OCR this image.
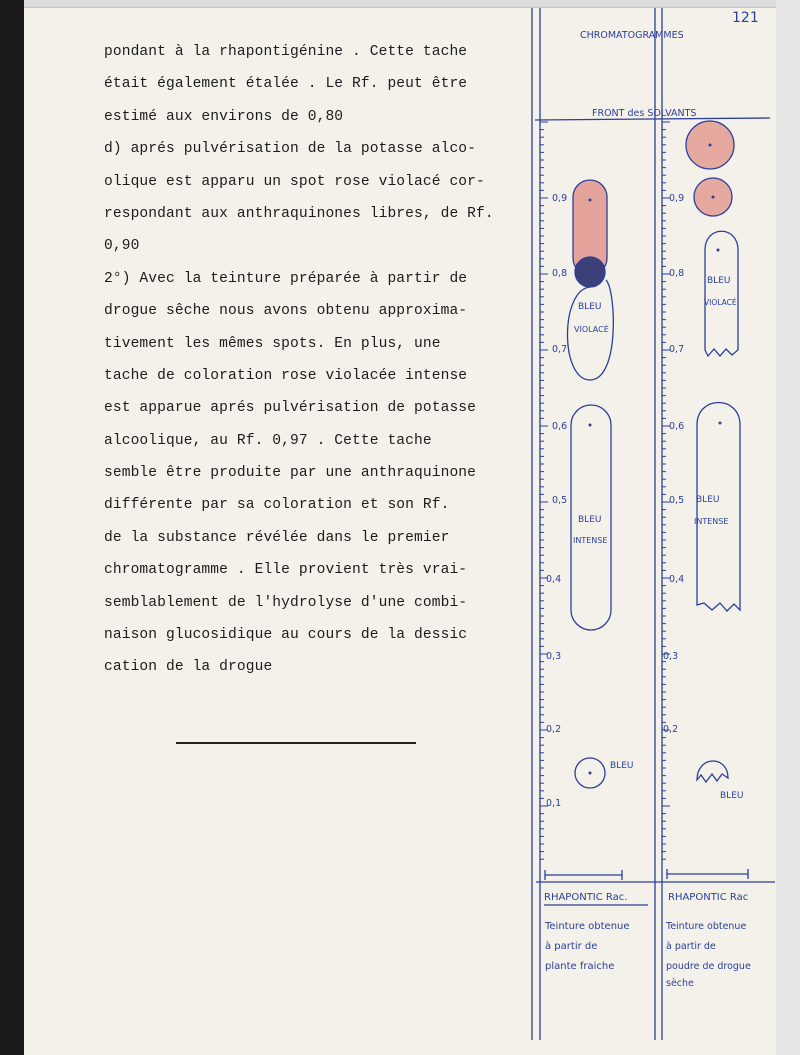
121
pondant à la rhapontigénine . Cette tache
était également étalée . Le Rf. peut être
estimé aux environs de 0,80
d) aprés pulvérisation de la potasse alco-
olique est apparu un spot rose violacé cor-
respondant aux anthraquinones libres, de Rf.
0,90
2°) Avec la teinture préparée à partir de
drogue sêche nous avons obtenu approxima-
tivement les mêmes spots. En plus, une
tache de coloration rose violacée intense
est apparue aprés pulvérisation de potasse
alcoolique, au Rf. 0,97 . Cette tache
semble être produite par une anthraquinone
différente par sa coloration et son Rf.
de la substance révélée dans le premier
chromatogramme . Elle provient très vrai-
semblablement de l'hydrolyse d'une combi-
naison glucosidique au cours de la dessic
cation de la drogue
CHROMATOGRAMMES
FRONT des SOLVANTS
0,9
0,8
0,7
0,6
0,5
0,4
0,3
0,2
0,1
0,9
0,8
0,7
0,6
0,5
0,4
0,3
0,2
BLEU
VIOLACÉ
BLEU
INTENSE
BLEU
BLEU
VIOLACÉ
BLEU
INTENSE
BLEU
RHAPONTIC Rac.	RHAPONTIC Rac
Teinture obtenue
à partir de
plante fraiche
Teinture obtenue
à partir de
poudre de drogue
sèche
